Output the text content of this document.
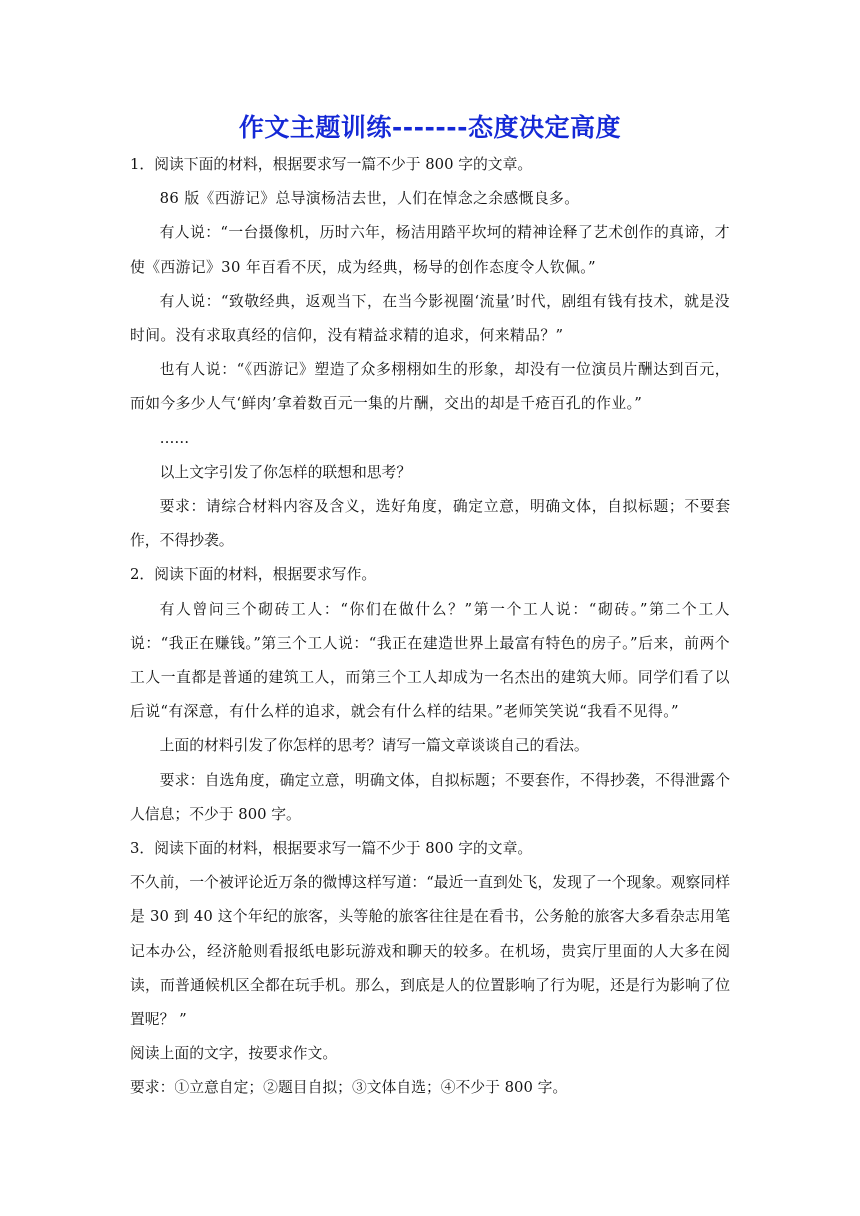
作文主题训练-------态度决定高度

1．阅读下面的材料，根据要求写一篇不少于 800 字的文章。

86 版《西游记》总导演杨洁去世，人们在悼念之余感慨良多。

有人说：“一台摄像机，历时六年，杨洁用踏平坎坷的精神诠释了艺术创作的真谛，才使《西游记》30 年百看不厌，成为经典，杨导的创作态度令人钦佩。”

有人说：“致敬经典，返观当下，在当今影视圈‘流量’时代，剧组有钱有技术，就是没时间。没有求取真经的信仰，没有精益求精的追求，何来精品？”

也有人说：“《西游记》塑造了众多栩栩如生的形象，却没有一位演员片酬达到百元，而如今多少人气‘鲜肉’拿着数百元一集的片酬，交出的却是千疮百孔的作业。”

……

以上文字引发了你怎样的联想和思考？

要求：请综合材料内容及含义，选好角度，确定立意，明确文体，自拟标题；不要套作，不得抄袭。

2．阅读下面的材料，根据要求写作。

有人曾问三个砌砖工人：“你们在做什么？”第一个工人说：“砌砖。”第二个工人说：“我正在赚钱。”第三个工人说：“我正在建造世界上最富有特色的房子。”后来，前两个工人一直都是普通的建筑工人，而第三个工人却成为一名杰出的建筑大师。同学们看了以后说“有深意，有什么样的追求，就会有什么样的结果。”老师笑笑说“我看不见得。”

上面的材料引发了你怎样的思考？请写一篇文章谈谈自己的看法。

要求：自选角度，确定立意，明确文体，自拟标题；不要套作，不得抄袭，不得泄露个人信息；不少于 800 字。

3．阅读下面的材料，根据要求写一篇不少于 800 字的文章。

不久前，一个被评论近万条的微博这样写道：“最近一直到处飞，发现了一个现象。观察同样是 30 到 40 这个年纪的旅客，头等舱的旅客往往是在看书，公务舱的旅客大多看杂志用笔记本办公，经济舱则看报纸电影玩游戏和聊天的较多。在机场，贵宾厅里面的人大多在阅读，而普通候机区全都在玩手机。那么，到底是人的位置影响了行为呢，还是行为影响了位置呢？ ”

阅读上面的文字，按要求作文。

要求：①立意自定；②题目自拟；③文体自选；④不少于 800 字。
